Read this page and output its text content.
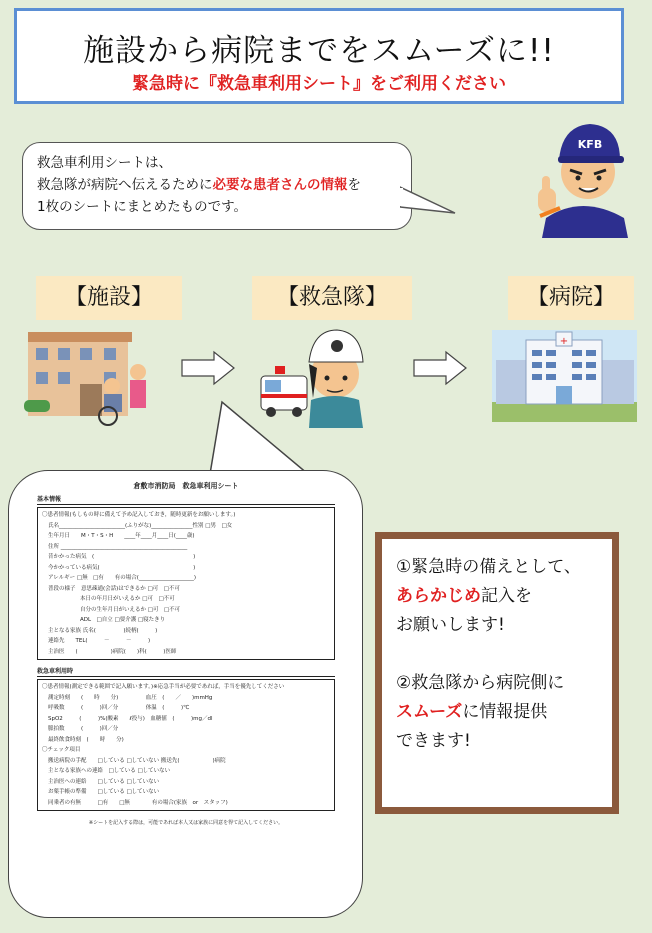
施設から病院までをスムーズに!!
緊急時に『救急車利用シート』をご利用ください
救急車利用シートは、
救急隊が病院へ伝えるために必要な患者さんの情報を
1枚のシートにまとめたものです。
KFB
【施設】	【救急隊】	【病院】
+
倉敷市消防局　救急車利用シート
基本情報
〇患者情報(もしもの時に備えて予め記入しておき，随時更新をお願いします。)
氏名________________________(ふりがな)_______________性別 □男　□女
生年月日　　M・T・S・H　　____年____月____日(____歳)
住所 ______________________________________________
昔かかった病気　(　　　　　　　　　　　　　　　　　　)
今かかっている病気(　　　　　　　　　　　　　　　　　)
アレルギー □無　□有　　有の場合(____________________)
普段の様子　意思疎通(会話)はできるか □可　□不可
本日の年月日がいえるか □可　□不可
自分の生年月日がいえるか □可　□不可
ADL　□自立 □要介護 □寝たきり
主となる家族 氏名(　　　　　)続柄(　　　)
連絡先　　TEL(　　　－　　　－　　　)
主治医　　(　　　　　　)病院(　　)科(　　　)医師
救急車利用時
〇患者情報(測定できる範囲で記入願います。)※応急手当が必要であれば，手当を優先してください
測定時刻　　(　　時　　分)　　　　　血圧　(　　／　　)mmHg
呼吸数　　　(　　　)回／分　　　　　体温　(　　　)℃
SpO2　　　(　　　)%(酸素　　ℓ投与)　血糖値　(　　　)mg／dl
脈拍数　　　(　　　)回／分
最終飲食時刻　(　　時　　分)
〇チェック項目
搬送病院の手配　　□している □していない 搬送先(　　　　　　)病院
主となる家族への連絡　□している □していない
主治医への連絡　　□している □していない
お薬手帳の準備　　□している □していない
同乗者の有無　　　□有　　□無　　　　有の場合(家族　or　スタッフ)
※シートを記入する際は，可能であれば本人又は家族に同意を得て記入してください。
①緊急時の備えとして、
あらかじめ記入を
お願いします!
②救急隊から病院側に
スムーズに情報提供
できます!
